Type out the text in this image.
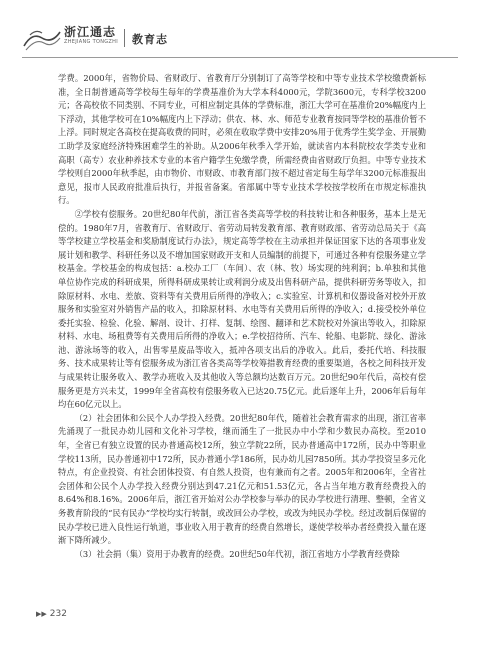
浙江通志
ZHEJIANG TONGZHI 教育志

学费。2000年，省物价局、省财政厅、省教育厅分别制订了高等学校和中等专业技术学校缴费新标准，全日制普通高等学校每生每年的学费基准价为大学本科4000元，学院3600元，专科学校3200元；各高校依不同类别、不同专业，可相应制定具体的学费标准，浙江大学可在基准价20%幅度内上下浮动，其他学校可在10%幅度内上下浮动；供农、林、水、师范专业教育按同等学校的基准价暂不上浮。同时规定各高校在提高收费的同时，必须在收取学费中安排20%用于优秀学生奖学金、开展勤工助学及家庭经济特殊困难学生的补助。从2006年秋季入学开始，就读省内本科院校农学类专业和高职（高专）农业种养技术专业的本省户籍学生免缴学费，所需经费由省财政厅负担。中等专业技术学校则自2000年秋季起，由市物价、市财政、市教育部门按不超过省定每生每学年3200元标准报出意见，报市人民政府批准后执行，并报省备案。省部属中等专业技术学校按学校所在市规定标准执行。

②学校有偿服务。20世纪80年代前，浙江省各类高等学校的科技转让和各种服务，基本上是无偿的。1980年7月，省教育厅、省财政厅、省劳动局转发教育部、教育财政部、省劳动总局关于《高等学校建立学校基金和奖励制度试行办法》，规定高等学校在主动承担并保证国家下达的各项事业发展计划和教学、科研任务以及不增加国家财政开支和人员编制的前提下，可通过各种有偿服务建立学校基金。学校基金的构成包括：a.校办工厂（车间）、农（林、牧）场实现的纯利润；b.单独和其他单位协作完成的科研成果，所得科研成果转让或利润分成及出售科研产品，提供科研劳务等收入，扣除原材料、水电、差旅、资料等有关费用后所得的净收入；c.实验室、计算机和仪器设备对校外开放服务和实验室对外销售产品的收入，扣除原材料、水电等有关费用后所得的净收入；d.接受校外单位委托实验、检验、化验、解剖、设计、打样、复制、绘图、翻译和艺术院校对外演出等收入，扣除原材料、水电、场租费等有关费用后所得的净收入；e.学校招待所、汽车、轮船、电影院、绿化、游泳池、游泳场等的收入，出售零星废品等收入，抵冲各项支出后的净收入。此后，委托代培、科技服务、技术成果转让等有偿服务成为浙江省各类高等学校筹措教育经费的重要渠道，各校之间科技开发与成果转让服务收入、教学办班收入及其他收入等总额均达数百万元。20世纪90年代后，高校有偿服务更是方兴未艾，1999年全省高校有偿服务收入已达20.75亿元。此后逐年上升，2006年后每年均在60亿元以上。

（2）社会团体和公民个人办学投入经费。20世纪80年代，随着社会教育需求的出现，浙江省率先涌现了一批民办幼儿园和文化补习学校，继而涌生了一批民办中小学和少数民办高校。至2010年，全省已有独立设置的民办普通高校12所，独立学院22所，民办普通高中172所，民办中等职业学校113所，民办普通初中172所，民办普通小学186所，民办幼儿园7850所。其办学投资呈多元化特点，有企业投资、有社会团体投资、有自然人投资，也有兼而有之者。2005年和2006年，全省社会团体和公民个人办学投入经费分别达到47.21亿元和51.53亿元，各占当年地方教育经费投入的8.64%和8.16%。2006年后，浙江省开始对公办学校参与举办的民办学校进行清理、整顿，全省义务教育阶段的“民有民办”学校均实行转制，或改回公办学校，或改为纯民办学校。经过改制后保留的民办学校已进入良性运行轨道，事业收入用于教育的经费自然增长，遂使学校举办者经费投入量在逐渐下降所减少。

（3）社会捐（集）资用于办教育的经费。20世纪50年代初，浙江省地方小学教育经费除

▶▶ 232
